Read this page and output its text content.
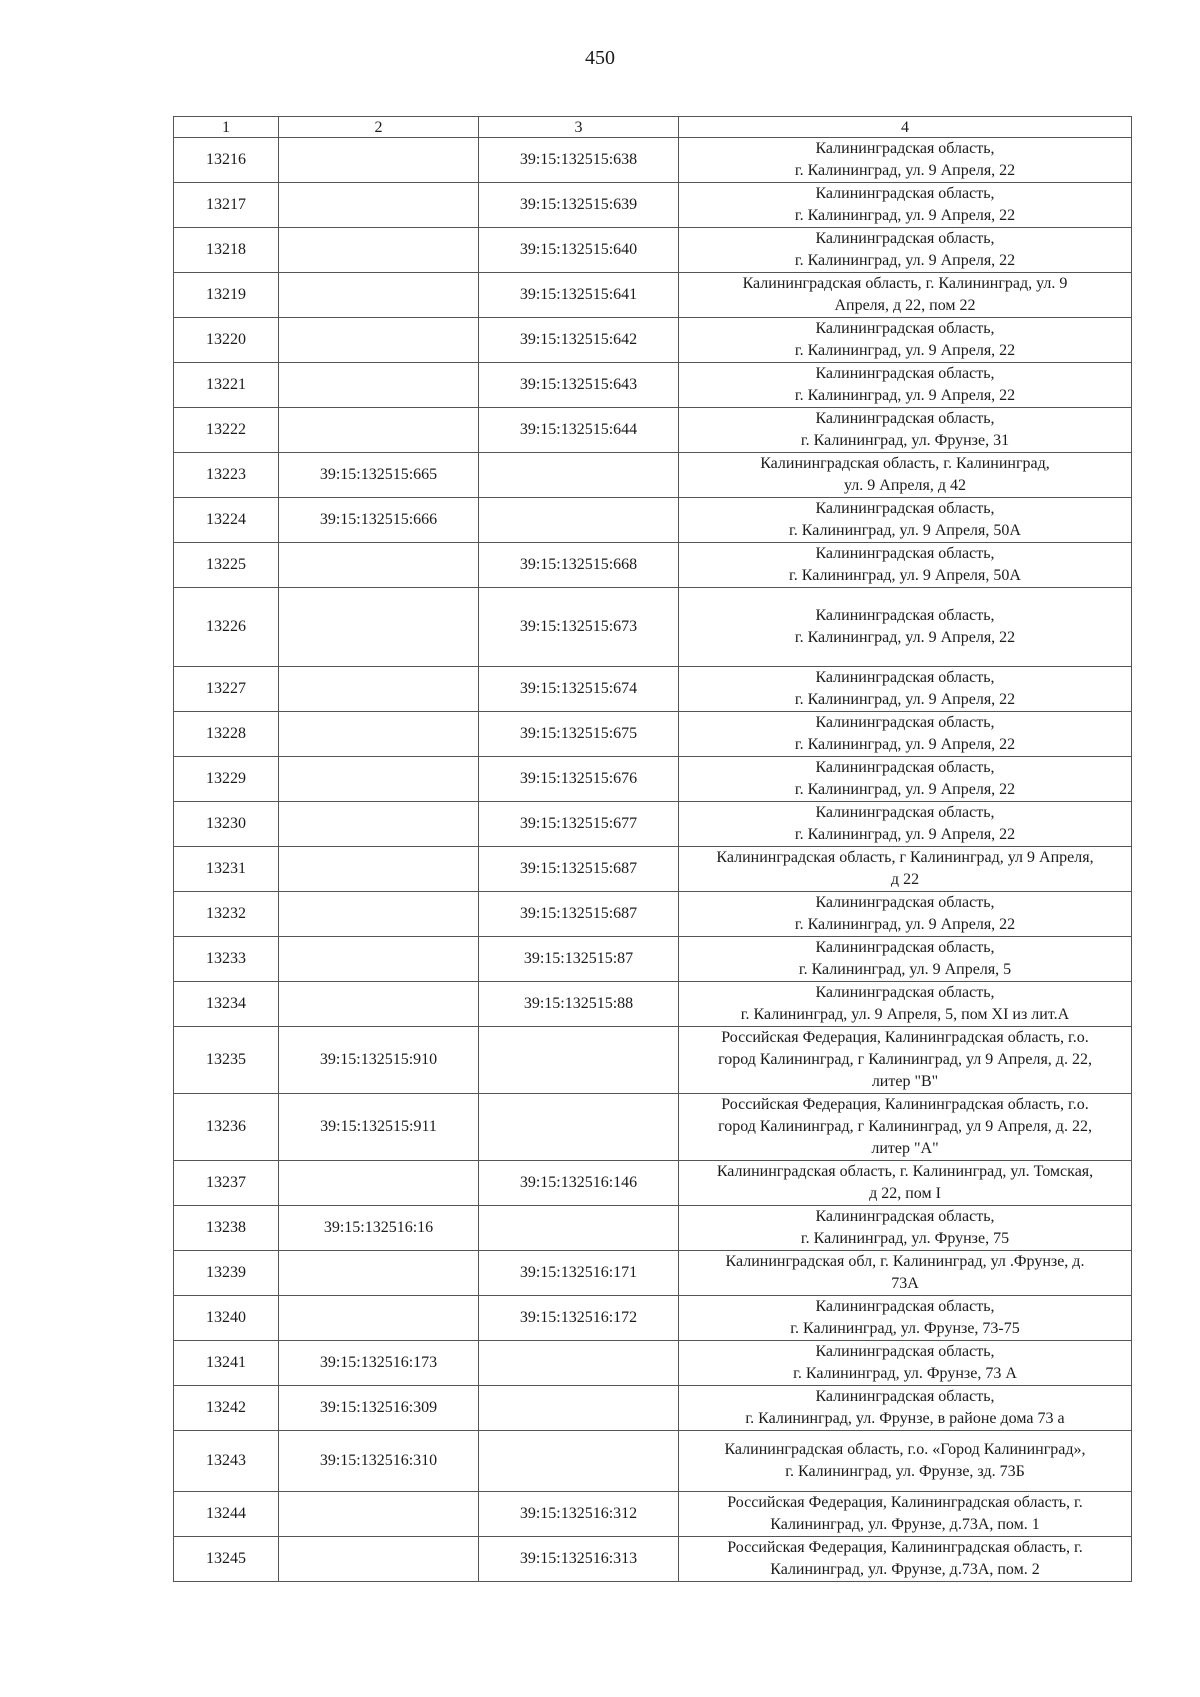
450
1	2	3	4
13216		39:15:132515:638	Калининградская область,
г. Калининград, ул. 9 Апреля, 22
13217		39:15:132515:639	Калининградская область,
г. Калининград, ул. 9 Апреля, 22
13218		39:15:132515:640	Калининградская область,
г. Калининград, ул. 9 Апреля, 22
13219		39:15:132515:641	Калининградская область, г. Калининград, ул. 9
Апреля, д 22, пом 22
13220		39:15:132515:642	Калининградская область,
г. Калининград, ул. 9 Апреля, 22
13221		39:15:132515:643	Калининградская область,
г. Калининград, ул. 9 Апреля, 22
13222		39:15:132515:644	Калининградская область,
г. Калининград, ул. Фрунзе, 31
13223	39:15:132515:665		Калининградская область, г. Калининград,
ул. 9 Апреля, д 42
13224	39:15:132515:666		Калининградская область,
г. Калининград, ул. 9 Апреля, 50А
13225		39:15:132515:668	Калининградская область,
г. Калининград, ул. 9 Апреля, 50А
13226		39:15:132515:673	Калининградская область,
г. Калининград, ул. 9 Апреля, 22
13227		39:15:132515:674	Калининградская область,
г. Калининград, ул. 9 Апреля, 22
13228		39:15:132515:675	Калининградская область,
г. Калининград, ул. 9 Апреля, 22
13229		39:15:132515:676	Калининградская область,
г. Калининград, ул. 9 Апреля, 22
13230		39:15:132515:677	Калининградская область,
г. Калининград, ул. 9 Апреля, 22
13231		39:15:132515:687	Калининградская область, г Калининград, ул 9 Апреля,
д 22
13232		39:15:132515:687	Калининградская область,
г. Калининград, ул. 9 Апреля, 22
13233		39:15:132515:87	Калининградская область,
г. Калининград, ул. 9 Апреля, 5
13234		39:15:132515:88	Калининградская область,
г. Калининград, ул. 9 Апреля, 5, пом XI из лит.А
13235	39:15:132515:910		Российская Федерация, Калининградская область, г.о.
город Калининград, г Калининград, ул 9 Апреля, д. 22,
литер "В"
13236	39:15:132515:911		Российская Федерация, Калининградская область, г.о.
город Калининград, г Калининград, ул 9 Апреля, д. 22,
литер "А"
13237		39:15:132516:146	Калининградская область, г. Калининград, ул. Томская,
д 22, пом I
13238	39:15:132516:16		Калининградская область,
г. Калининград, ул. Фрунзе, 75
13239		39:15:132516:171	Калининградская обл, г. Калининград, ул .Фрунзе, д.
73А
13240		39:15:132516:172	Калининградская область,
г. Калининград, ул. Фрунзе, 73-75
13241	39:15:132516:173		Калининградская область,
г. Калининград, ул. Фрунзе, 73 А
13242	39:15:132516:309		Калининградская область,
г. Калининград, ул. Фрунзе, в районе дома 73 а
13243	39:15:132516:310		Калининградская область, г.о. «Город Калининград»,
г. Калининград, ул. Фрунзе, зд. 73Б
13244		39:15:132516:312	Российская Федерация, Калининградская область, г.
Калининград, ул. Фрунзе, д.73А, пом. 1
13245		39:15:132516:313	Российская Федерация, Калининградская область, г.
Калининград, ул. Фрунзе, д.73А, пом. 2
